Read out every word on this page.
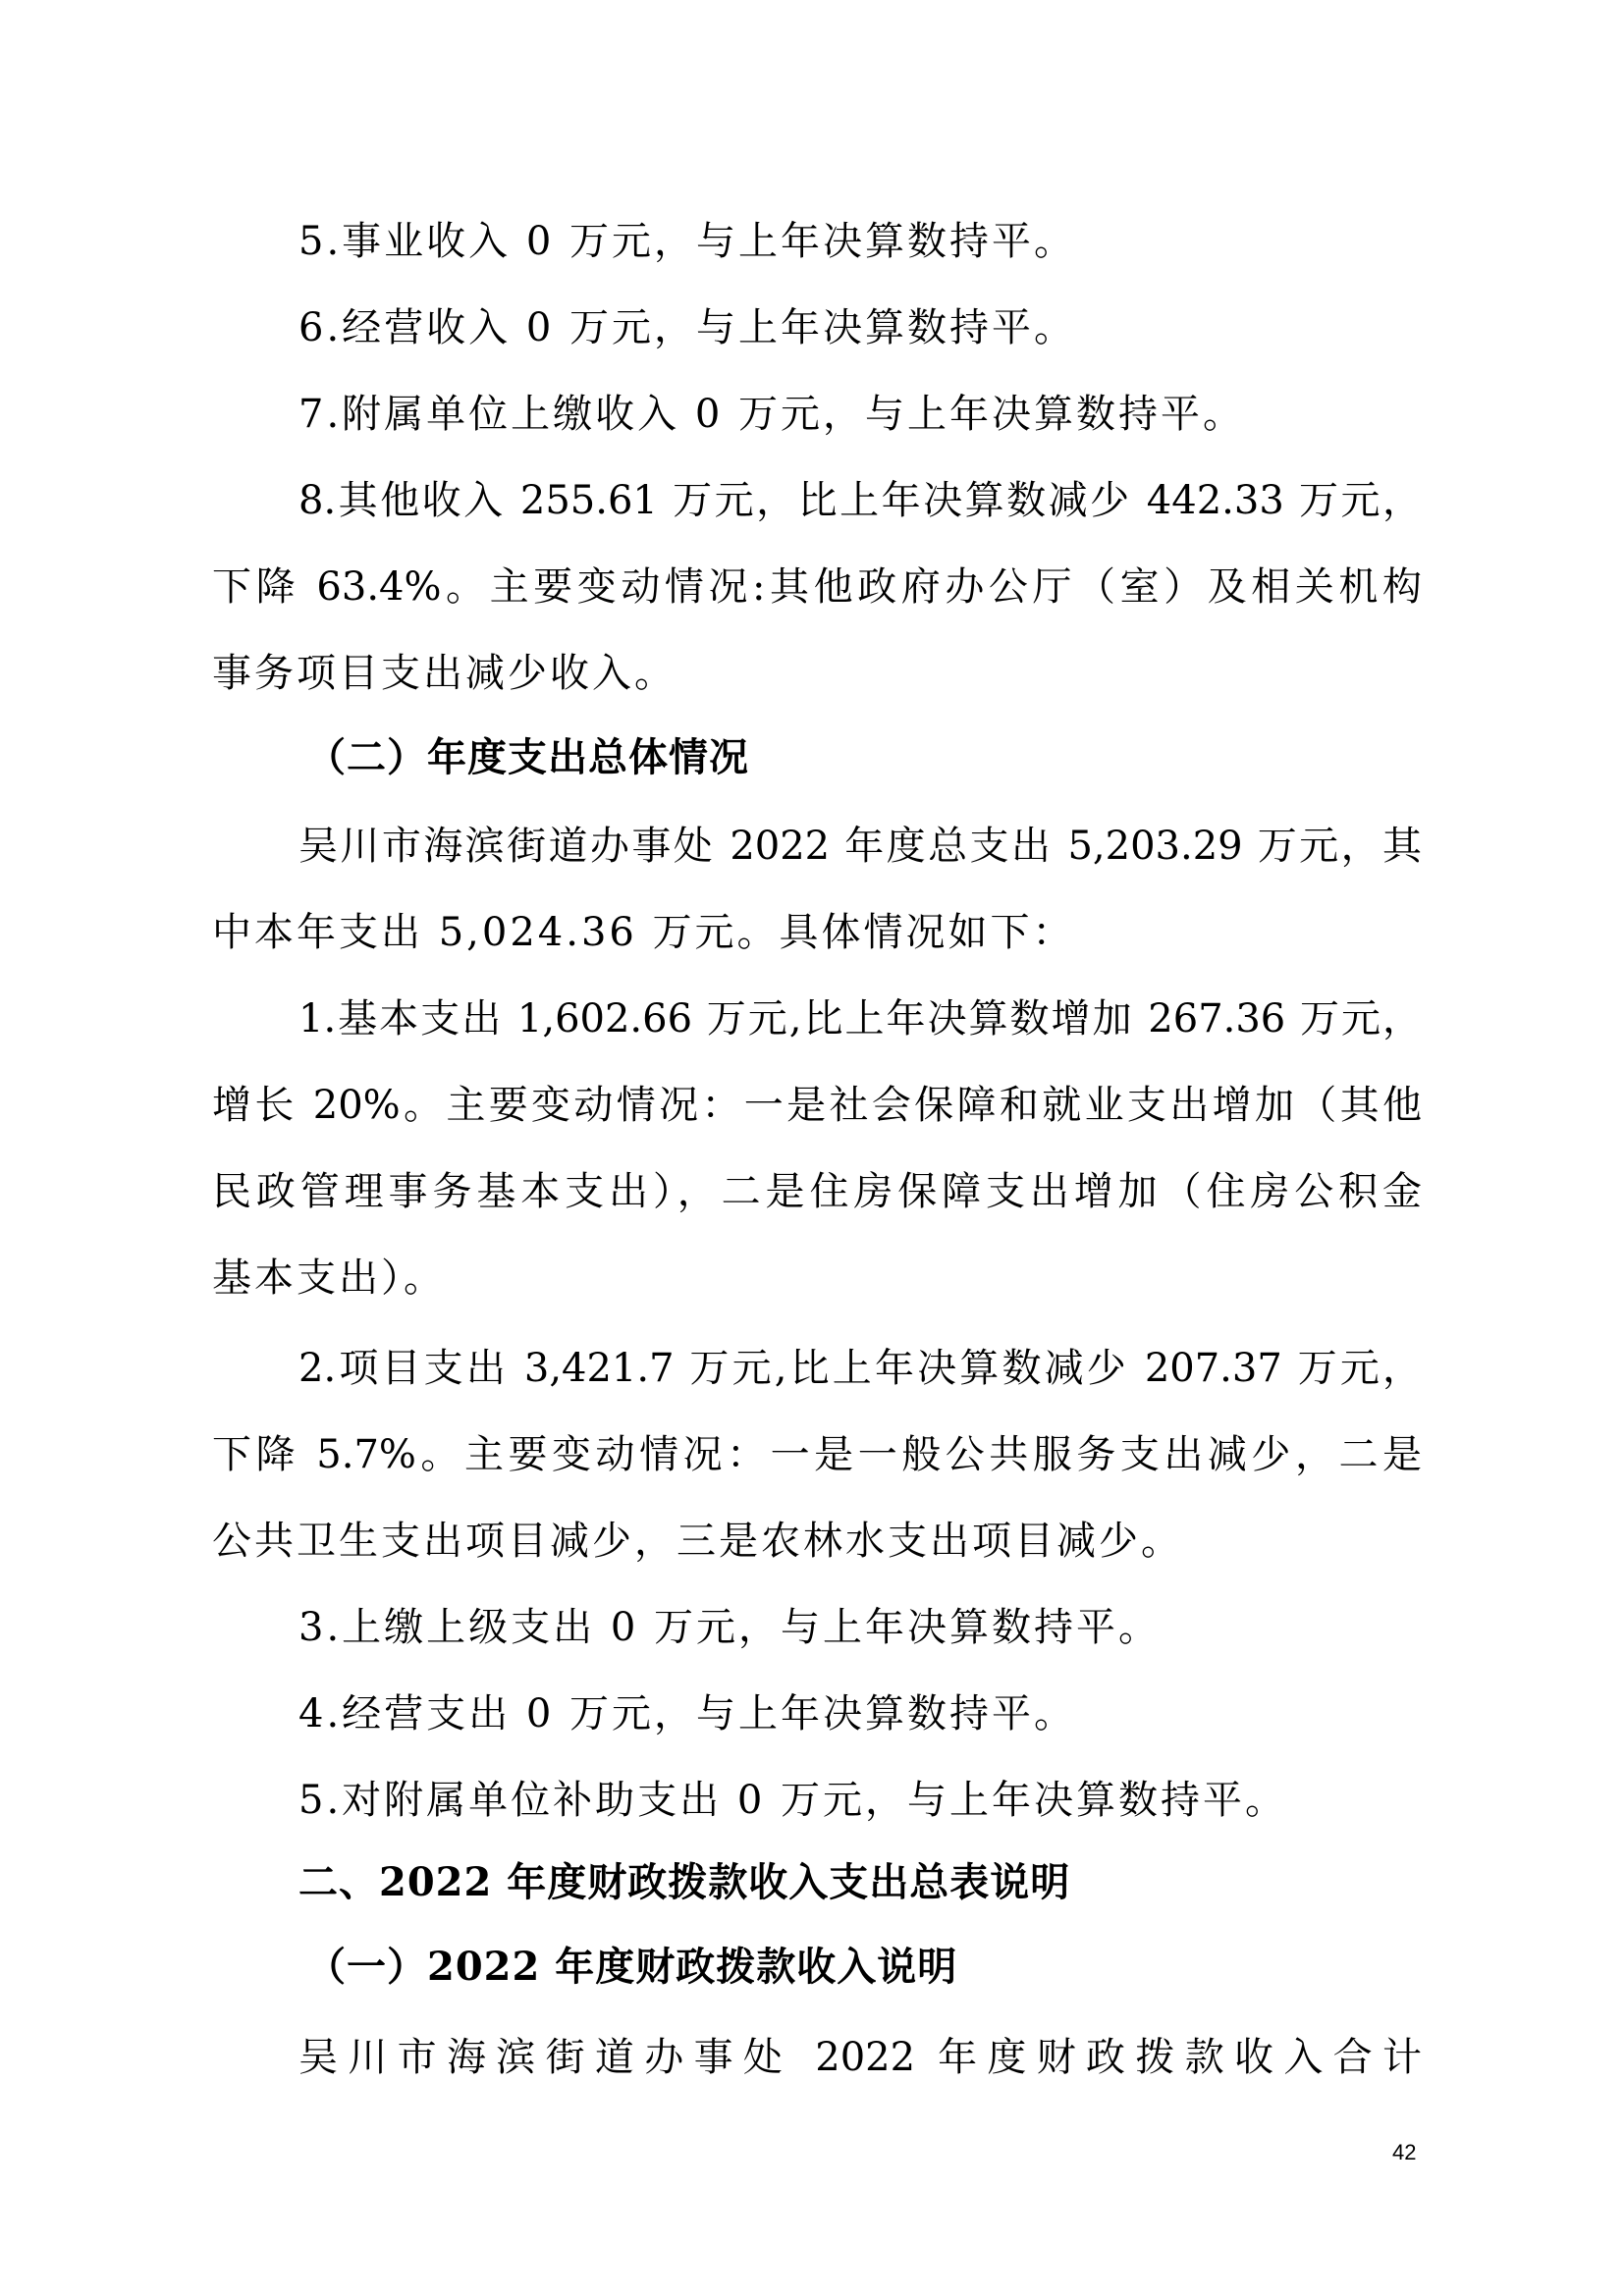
5.事业收入 0 万元，与上年决算数持平。
6.经营收入 0 万元，与上年决算数持平。
7.附属单位上缴收入 0 万元，与上年决算数持平。
8.其他收入 255.61 万元，比上年决算数减少 442.33 万元，
下降 63.4%。主要变动情况:其他政府办公厅（室）及相关机构
事务项目支出减少收入。
（二）年度支出总体情况
吴川市海滨街道办事处 2022 年度总支出 5,203.29 万元，其
中本年支出 5,024.36 万元。具体情况如下：
1.基本支出 1,602.66 万元,比上年决算数增加 267.36 万元，
增长 20%。主要变动情况：一是社会保障和就业支出增加（其他
民政管理事务基本支出），二是住房保障支出增加（住房公积金
基本支出）。
2.项目支出 3,421.7 万元,比上年决算数减少 207.37 万元，
下降 5.7%。主要变动情况：一是一般公共服务支出减少，二是
公共卫生支出项目减少，三是农林水支出项目减少。
3.上缴上级支出 0 万元，与上年决算数持平。
4.经营支出 0 万元，与上年决算数持平。
5.对附属单位补助支出 0 万元，与上年决算数持平。
二、2022 年度财政拨款收入支出总表说明
（一）2022 年度财政拨款收入说明
吴川市海滨街道办事处 2022 年度财政拨款收入合计
42
